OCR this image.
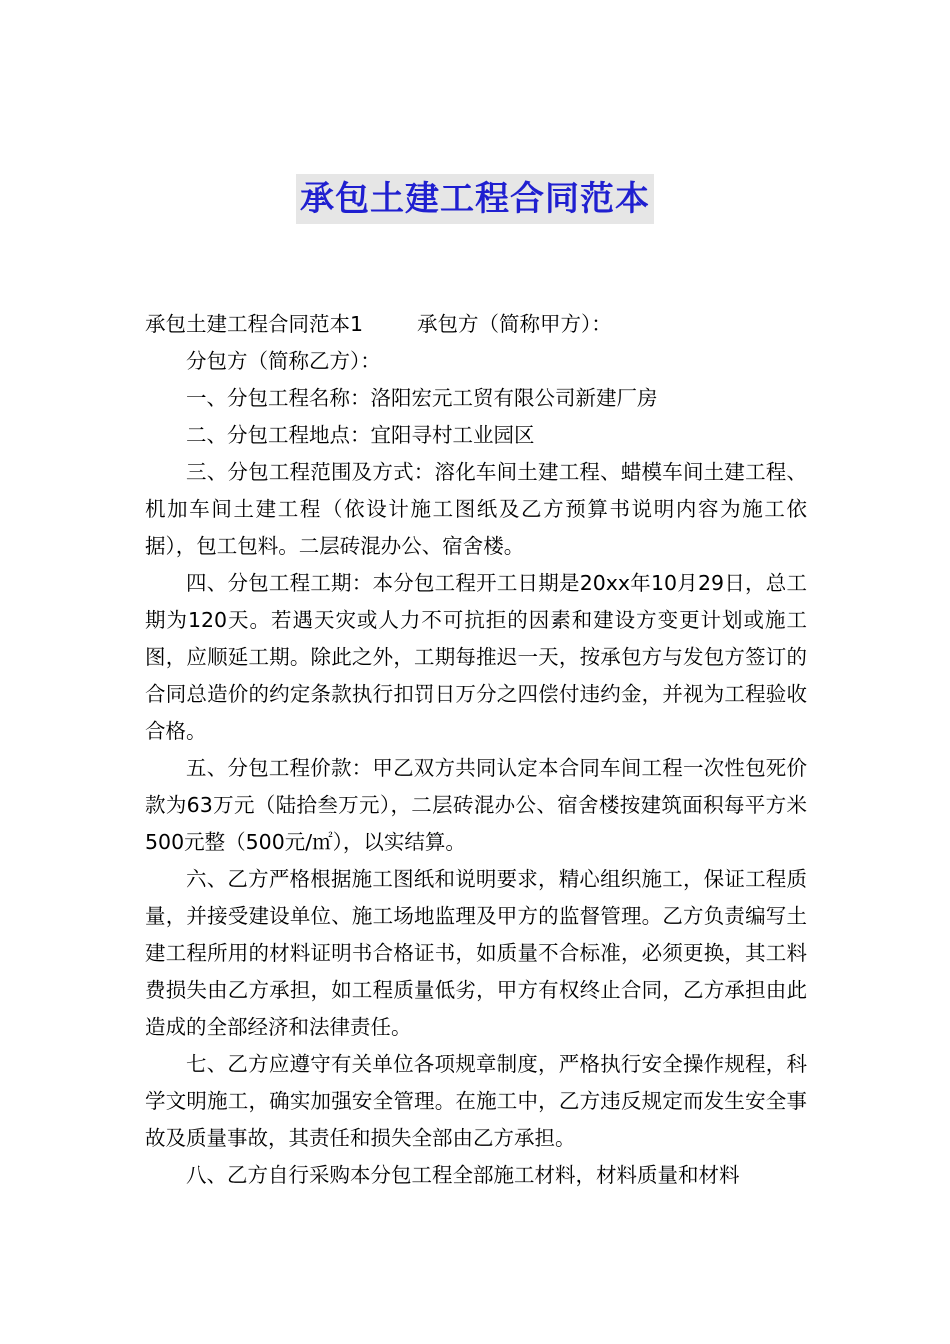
承包土建工程合同范本

承包土建工程合同范本1	承包方（简称甲方）：

分包方（简称乙方）：

一、分包工程名称：洛阳宏元工贸有限公司新建厂房

二、分包工程地点：宜阳寻村工业园区

三、分包工程范围及方式：溶化车间土建工程、蜡模车间土建工程、机加车间土建工程（依设计施工图纸及乙方预算书说明内容为施工依据），包工包料。二层砖混办公、宿舍楼。

四、分包工程工期：本分包工程开工日期是20xx年10月29日，总工期为120天。若遇天灾或人力不可抗拒的因素和建设方变更计划或施工图，应顺延工期。除此之外，工期每推迟一天，按承包方与发包方签订的合同总造价的约定条款执行扣罚日万分之四偿付违约金，并视为工程验收合格。

五、分包工程价款：甲乙双方共同认定本合同车间工程一次性包死价款为63万元（陆拾叁万元），二层砖混办公、宿舍楼按建筑面积每平方米500元整（500元/㎡），以实结算。

六、乙方严格根据施工图纸和说明要求，精心组织施工，保证工程质量，并接受建设单位、施工场地监理及甲方的监督管理。乙方负责编写土建工程所用的材料证明书合格证书，如质量不合标准，必须更换，其工料费损失由乙方承担，如工程质量低劣，甲方有权终止合同，乙方承担由此造成的全部经济和法律责任。

七、乙方应遵守有关单位各项规章制度，严格执行安全操作规程，科学文明施工，确实加强安全管理。在施工中，乙方违反规定而发生安全事故及质量事故，其责任和损失全部由乙方承担。

八、乙方自行采购本分包工程全部施工材料，材料质量和材料
